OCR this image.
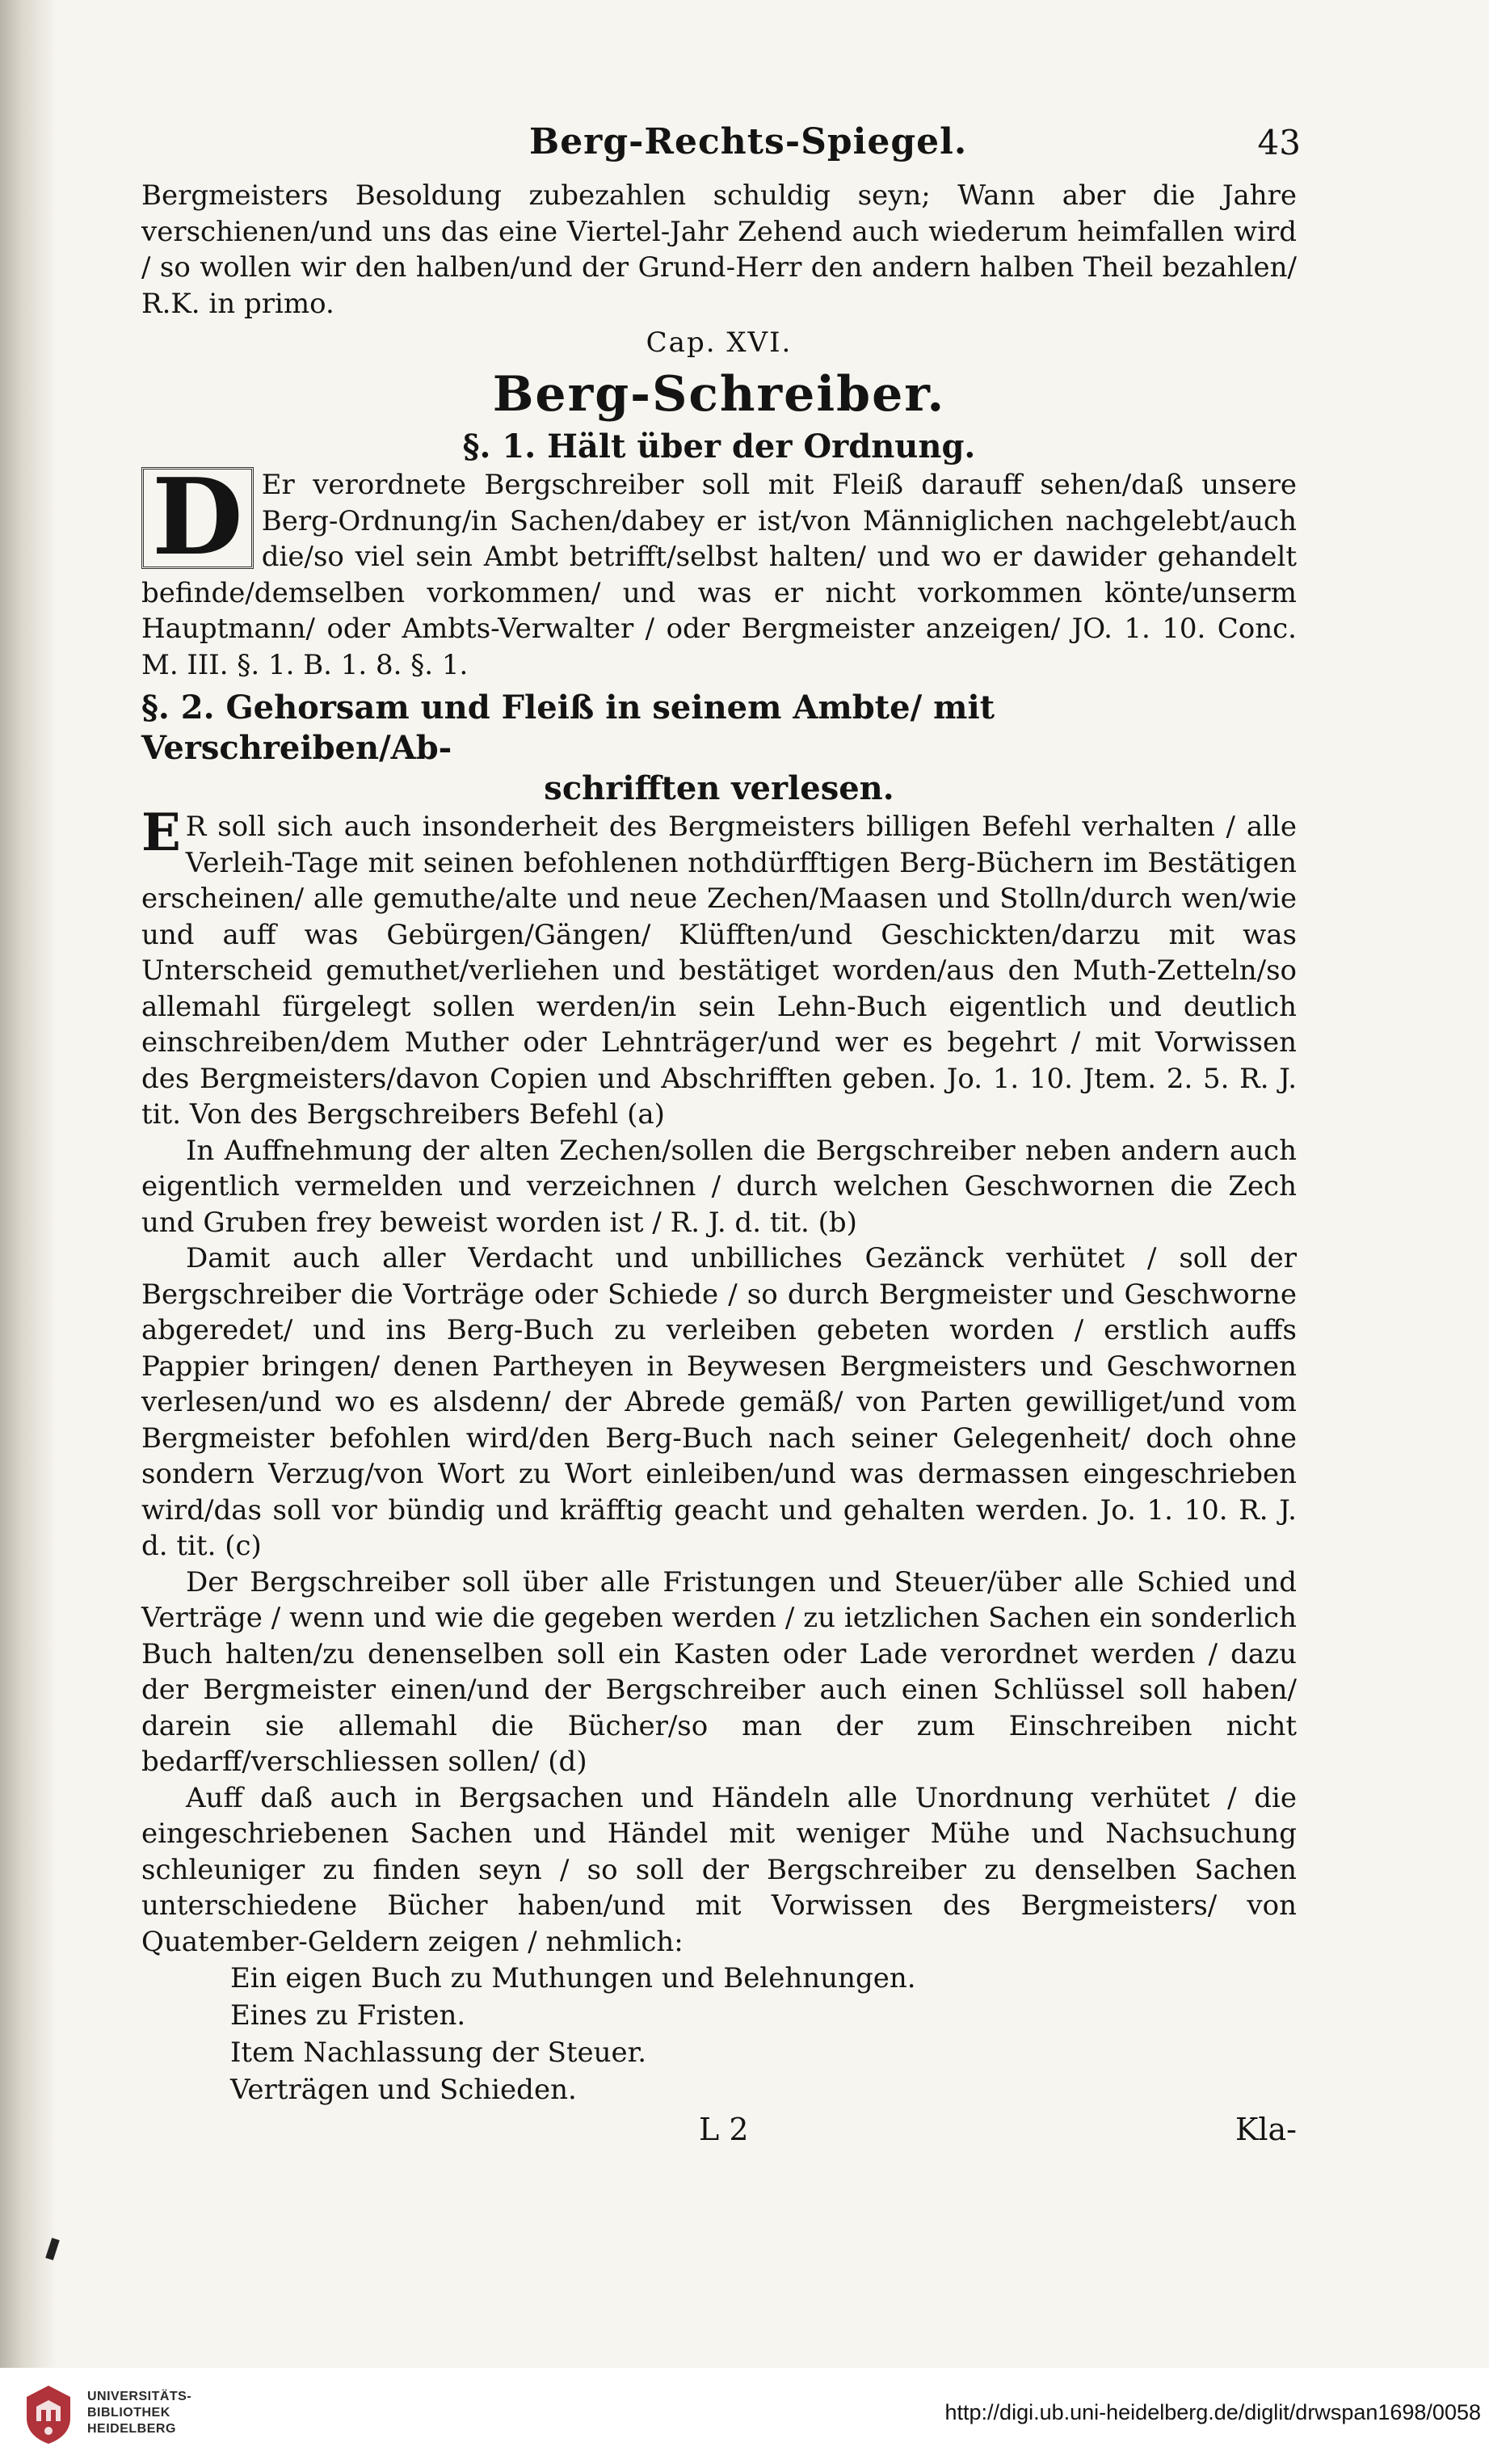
Berg-Rechts-Spiegel.	43

Bergmeisters Besoldung zubezahlen schuldig seyn; Wann aber die Jahre verschienen/und uns das eine Viertel-Jahr Zehend auch wiederum heimfallen wird / so wollen wir den halben/und der Grund-Herr den andern halben Theil bezahlen/ R.K. in primo.

Cap. XVI.
Berg-Schreiber.
§. 1. Hält über der Ordnung.

D Er verordnete Bergschreiber soll mit Fleiß darauff sehen/daß unsere Berg-Ordnung/in Sachen/dabey er ist/von Männiglichen nachgelebt/auch die/so viel sein Ambt betrifft/selbst halten/ und wo er dawider gehandelt befinde/demselben vorkommen/ und was er nicht vorkommen könte/unserm Hauptmann/ oder Ambts-Verwalter / oder Bergmeister anzeigen/ JO. 1. 10. Conc. M. III. §. 1. B. 1. 8. §. 1.

§. 2. Gehorsam und Fleiß in seinem Ambte/ mit Verschreiben/Ab-
schrifften verlesen.

E R soll sich auch insonderheit des Bergmeisters billigen Befehl verhalten / alle Verleih-Tage mit seinen befohlenen nothdürfftigen Berg-Büchern im Bestätigen erscheinen/ alle gemuthe/alte und neue Zechen/Maasen und Stolln/durch wen/wie und auff was Gebürgen/Gängen/ Klüfften/und Geschickten/darzu mit was Unterscheid gemuthet/verliehen und bestätiget worden/aus den Muth-Zetteln/so allemahl fürgelegt sollen werden/in sein Lehn-Buch eigentlich und deutlich einschreiben/dem Muther oder Lehnträger/und wer es begehrt / mit Vorwissen des Bergmeisters/davon Copien und Abschrifften geben. Jo. 1. 10. Jtem. 2. 5. R. J. tit. Von des Bergschreibers Befehl (a)

In Auffnehmung der alten Zechen/sollen die Bergschreiber neben andern auch eigentlich vermelden und verzeichnen / durch welchen Geschwornen die Zech und Gruben frey beweist worden ist / R. J. d. tit. (b)

Damit auch aller Verdacht und unbilliches Gezänck verhütet / soll der Bergschreiber die Vorträge oder Schiede / so durch Bergmeister und Geschworne abgeredet/ und ins Berg-Buch zu verleiben gebeten worden / erstlich auffs Pappier bringen/ denen Partheyen in Beywesen Bergmeisters und Geschwornen verlesen/und wo es alsdenn/ der Abrede gemäß/ von Parten gewilliget/und vom Bergmeister befohlen wird/den Berg-Buch nach seiner Gelegenheit/ doch ohne sondern Verzug/von Wort zu Wort einleiben/und was dermassen eingeschrieben wird/das soll vor bündig und kräfftig geacht und gehalten werden. Jo. 1. 10. R. J. d. tit. (c)

Der Bergschreiber soll über alle Fristungen und Steuer/über alle Schied und Verträge / wenn und wie die gegeben werden / zu ietzlichen Sachen ein sonderlich Buch halten/zu denenselben soll ein Kasten oder Lade verordnet werden / dazu der Bergmeister einen/und der Bergschreiber auch einen Schlüssel soll haben/ darein sie allemahl die Bücher/so man der zum Einschreiben nicht bedarff/verschliessen sollen/ (d)

Auff daß auch in Bergsachen und Händeln alle Unordnung verhütet / die eingeschriebenen Sachen und Händel mit weniger Mühe und Nachsuchung schleuniger zu finden seyn / so soll der Bergschreiber zu denselben Sachen unterschiedene Bücher haben/und mit Vorwissen des Bergmeisters/ von Quatember-Geldern zeigen / nehmlich:

Ein eigen Buch zu Muthungen und Belehnungen.
Eines zu Fristen.
Item Nachlassung der Steuer.
Verträgen und Schieden.
L 2	Kla-
UNIVERSITÄTS-
BIBLIOTHEK
HEIDELBERG
http://digi.ub.uni-heidelberg.de/diglit/drwspan1698/0058
